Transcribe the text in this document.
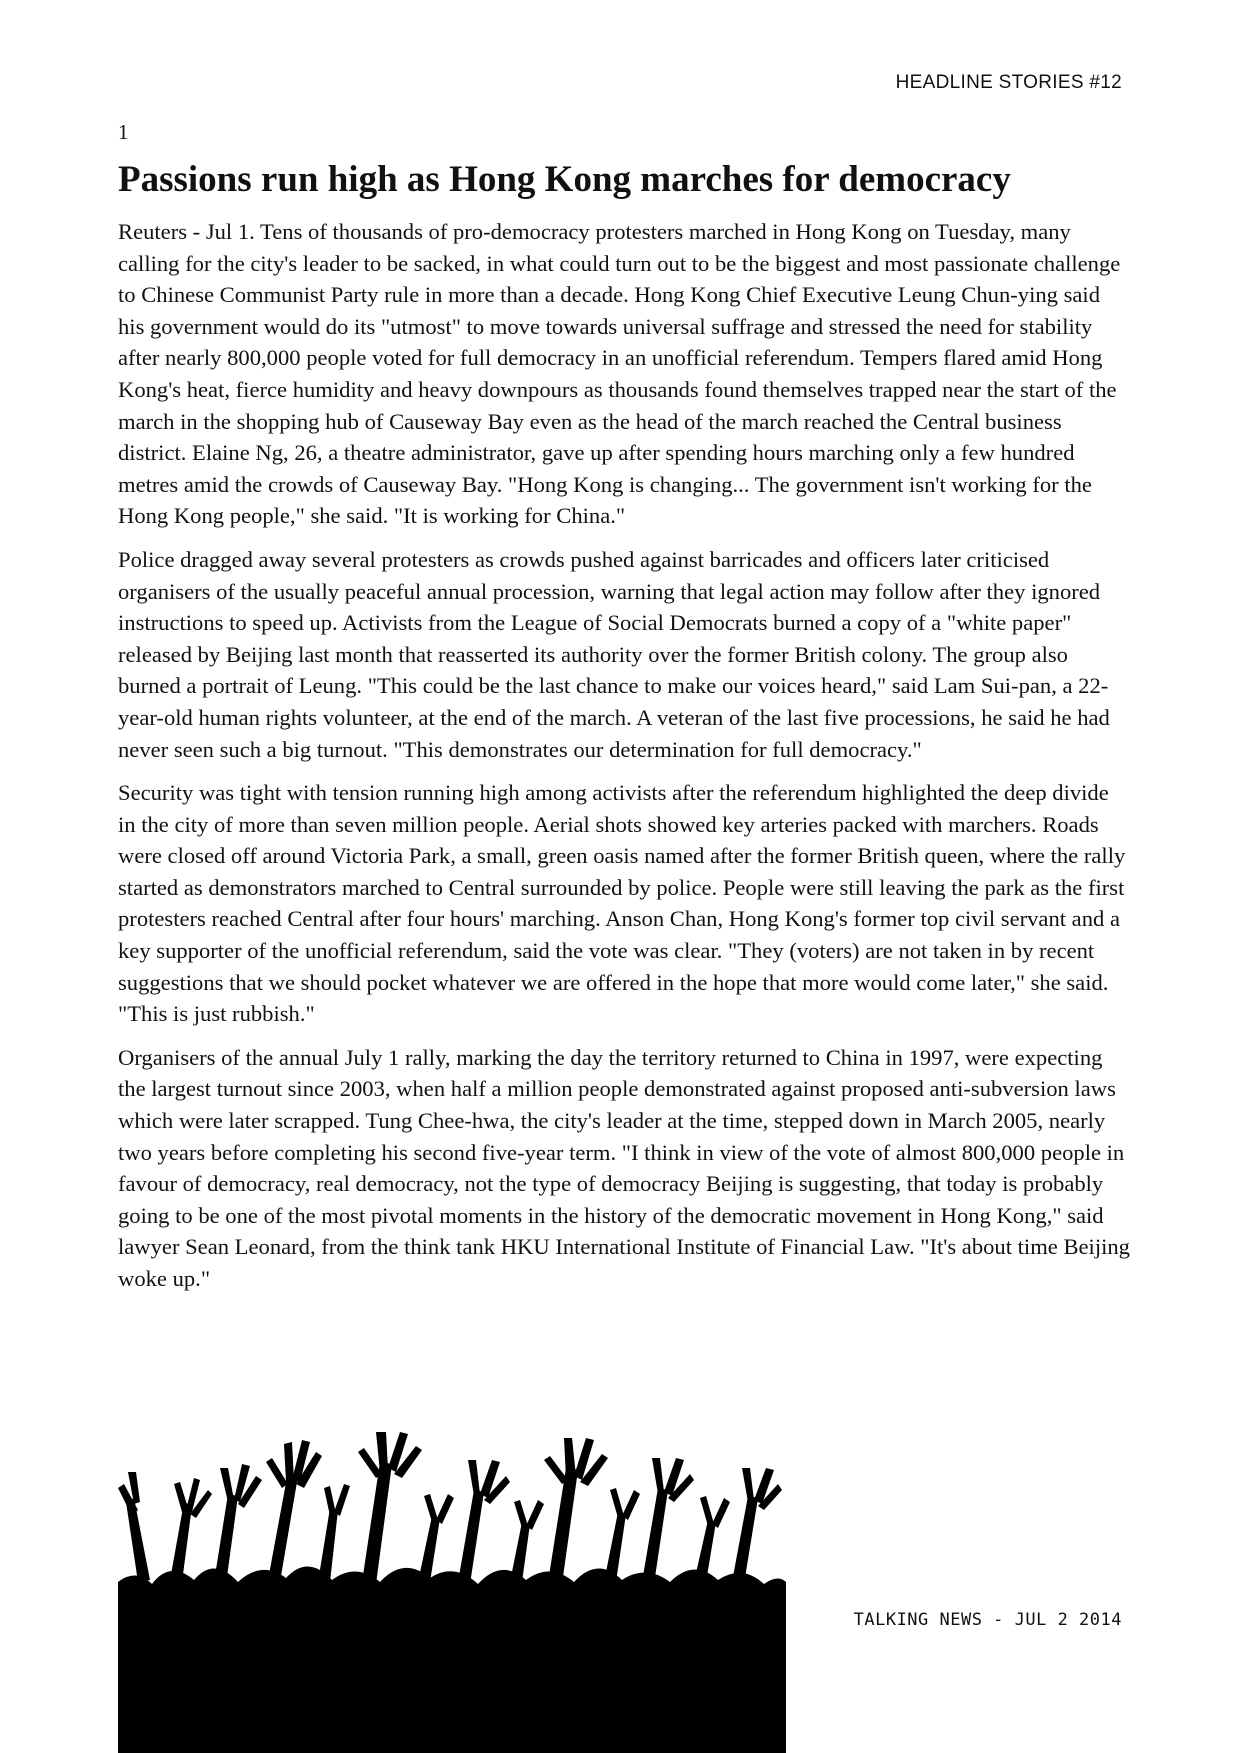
HEADLINE STORIES #12
1
Passions run high as Hong Kong marches for democracy

Reuters - Jul 1. Tens of thousands of pro-democracy protesters marched in Hong Kong on Tuesday, many calling for the city's leader to be sacked, in what could turn out to be the biggest and most passionate challenge to Chinese Communist Party rule in more than a decade. Hong Kong Chief Executive Leung Chun-ying said his government would do its "utmost" to move towards universal suffrage and stressed the need for stability after nearly 800,000 people voted for full democracy in an unofficial referendum. Tempers flared amid Hong Kong's heat, fierce humidity and heavy downpours as thousands found themselves trapped near the start of the march in the shopping hub of Causeway Bay even as the head of the march reached the Central business district. Elaine Ng, 26, a theatre administrator, gave up after spending hours marching only a few hundred metres amid the crowds of Causeway Bay. "Hong Kong is changing... The government isn't working for the Hong Kong people," she said. "It is working for China."

Police dragged away several protesters as crowds pushed against barricades and officers later criticised organisers of the usually peaceful annual procession, warning that legal action may follow after they ignored instructions to speed up. Activists from the League of Social Democrats burned a copy of a "white paper" released by Beijing last month that reasserted its authority over the former British colony. The group also burned a portrait of Leung. "This could be the last chance to make our voices heard," said Lam Sui-pan, a 22-year-old human rights volunteer, at the end of the march. A veteran of the last five processions, he said he had never seen such a big turnout. "This demonstrates our determination for full democracy."

Security was tight with tension running high among activists after the referendum highlighted the deep divide in the city of more than seven million people. Aerial shots showed key arteries packed with marchers. Roads were closed off around Victoria Park, a small, green oasis named after the former British queen, where the rally started as demonstrators marched to Central surrounded by police. People were still leaving the park as the first protesters reached Central after four hours' marching. Anson Chan, Hong Kong's former top civil servant and a key supporter of the unofficial referendum, said the vote was clear. "They (voters) are not taken in by recent suggestions that we should pocket whatever we are offered in the hope that more would come later," she said. "This is just rubbish."

Organisers of the annual July 1 rally, marking the day the territory returned to China in 1997, were expecting the largest turnout since 2003, when half a million people demonstrated against proposed anti-subversion laws which were later scrapped. Tung Chee-hwa, the city's leader at the time, stepped down in March 2005, nearly two years before completing his second five-year term. "I think in view of the vote of almost 800,000 people in favour of democracy, real democracy, not the type of democracy Beijing is suggesting, that today is probably going to be one of the most pivotal moments in the history of the democratic movement in Hong Kong," said lawyer Sean Leonard, from the think tank HKU International Institute of Financial Law. "It's about time Beijing woke up."

TALKING NEWS - JUL 2 2014
